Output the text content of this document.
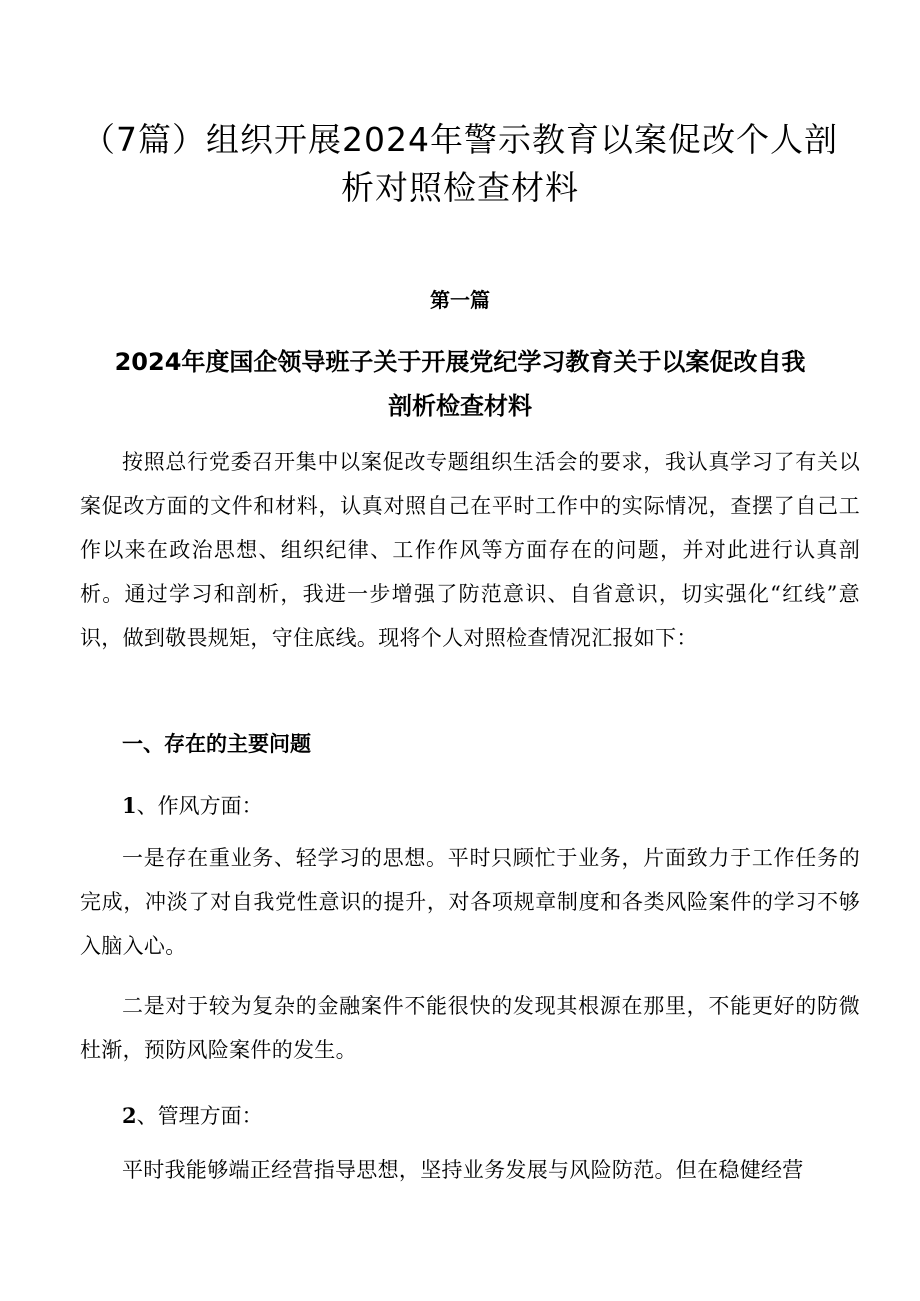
（7篇）组织开展2024年警示教育以案促改个人剖析对照检查材料
第一篇
2024年度国企领导班子关于开展党纪学习教育关于以案促改自我剖析检查材料

按照总行党委召开集中以案促改专题组织生活会的要求，我认真学习了有关以案促改方面的文件和材料，认真对照自己在平时工作中的实际情况，查摆了自己工作以来在政治思想、组织纪律、工作作风等方面存在的问题，并对此进行认真剖析。通过学习和剖析，我进一步增强了防范意识、自省意识，切实强化“红线”意识，做到敬畏规矩，守住底线。现将个人对照检查情况汇报如下：

一、存在的主要问题
1、作风方面：

一是存在重业务、轻学习的思想。平时只顾忙于业务，片面致力于工作任务的完成，冲淡了对自我党性意识的提升，对各项规章制度和各类风险案件的学习不够入脑入心。

二是对于较为复杂的金融案件不能很快的发现其根源在那里，不能更好的防微杜渐，预防风险案件的发生。

2、管理方面：

平时我能够端正经营指导思想，坚持业务发展与风险防范。但在稳健经营
